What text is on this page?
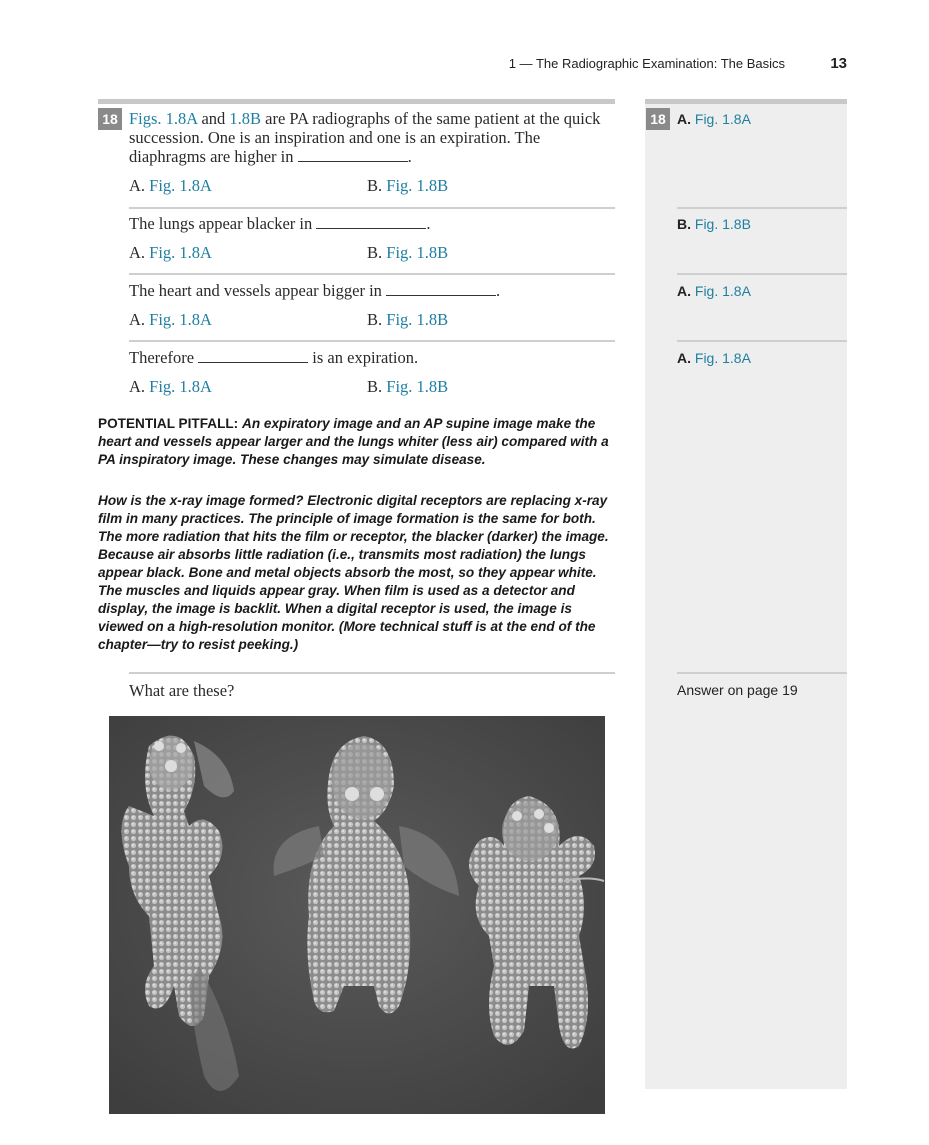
1 — The Radiographic Examination: The Basics	13
18	18
Figs. 1.8A and 1.8B are PA radiographs of the same patient at the quick succession. One is an inspiration and one is an expiration. The diaphragms are higher in	.
A. Fig. 1.8A	B. Fig. 1.8B
A. Fig. 1.8A
The lungs appear blacker in	.
A. Fig. 1.8A	B. Fig. 1.8B
B. Fig. 1.8B
The heart and vessels appear bigger in	.
A. Fig. 1.8A	B. Fig. 1.8B
A. Fig. 1.8A
Therefore	is an expiration.
A. Fig. 1.8A	B. Fig. 1.8B
A. Fig. 1.8A
POTENTIAL PITFALL: An expiratory image and an AP supine image make the heart and vessels appear larger and the lungs whiter (less air) compared with a PA inspiratory image. These changes may simulate disease.
How is the x-ray image formed? Electronic digital receptors are replacing x-ray film in many practices. The principle of image formation is the same for both. The more radiation that hits the film or receptor, the blacker (darker) the image. Because air absorbs little radiation (i.e., transmits most radiation) the lungs appear black. Bone and metal objects absorb the most, so they appear white. The muscles and liquids appear gray. When film is used as a detector and display, the image is backlit. When a digital receptor is used, the image is viewed on a high-resolution monitor. (More technical stuff is at the end of the chapter—try to resist peeking.)
What are these?	Answer on page 19
